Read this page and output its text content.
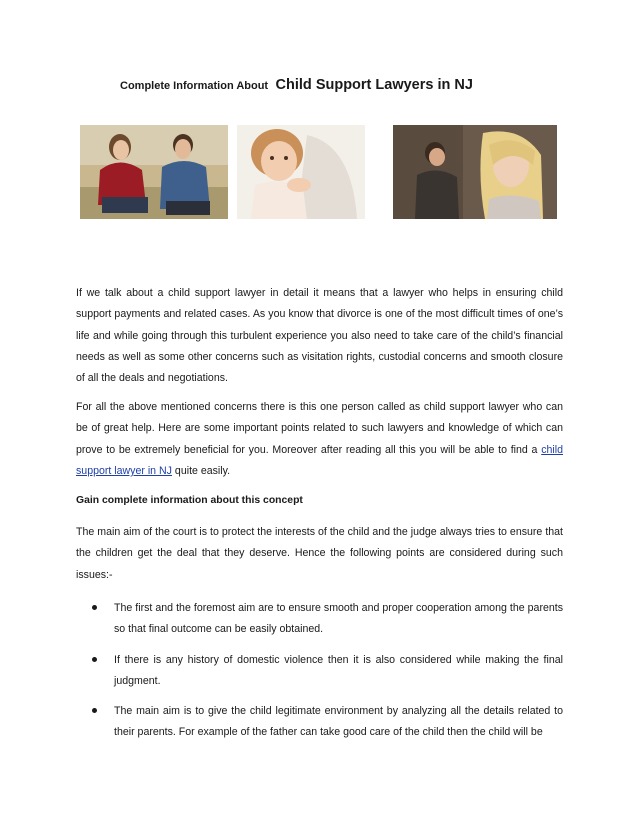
Complete Information About Child Support Lawyers in NJ

If we talk about a child support lawyer in detail it means that a lawyer who helps in ensuring child support payments and related cases. As you know that divorce is one of the most difficult times of one’s life and while going through this turbulent experience you also need to take care of the child’s financial needs as well as some other concerns such as visitation rights, custodial concerns and smooth closure of all the deals and negotiations.

For all the above mentioned concerns there is this one person called as child support lawyer who can be of great help. Here are some important points related to such lawyers and knowledge of which can prove to be extremely beneficial for you. Moreover after reading all this you will be able to find a child support lawyer in NJ quite easily.

Gain complete information about this concept

The main aim of the court is to protect the interests of the child and the judge always tries to ensure that the children get the deal that they deserve. Hence the following points are considered during such issues:-

The first and the foremost aim are to ensure smooth and proper cooperation among the parents so that final outcome can be easily obtained.
If there is any history of domestic violence then it is also considered while making the final judgment.
The main aim is to give the child legitimate environment by analyzing all the details related to their parents. For example of the father can take good care of the child then the child will be
